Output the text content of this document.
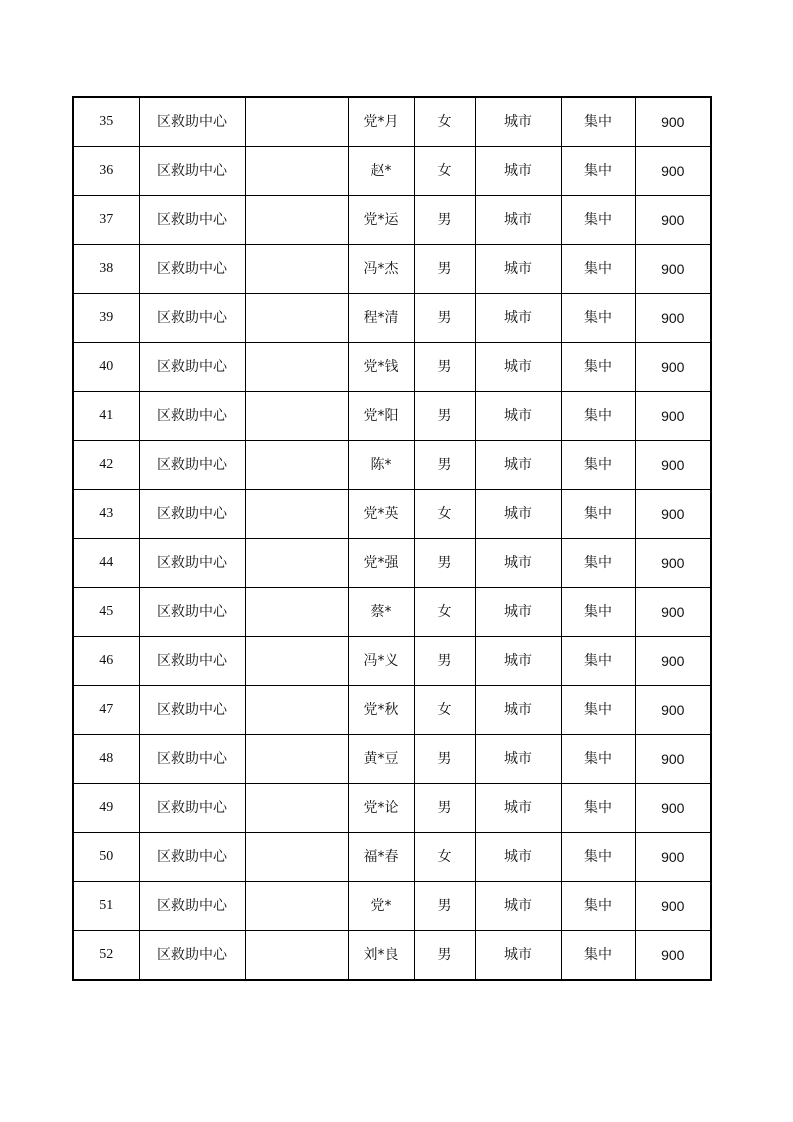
35	区救助中心		党*月	女	城市	集中	900
36	区救助中心		赵*	女	城市	集中	900
37	区救助中心		党*运	男	城市	集中	900
38	区救助中心		冯*杰	男	城市	集中	900
39	区救助中心		程*清	男	城市	集中	900
40	区救助中心		党*钱	男	城市	集中	900
41	区救助中心		党*阳	男	城市	集中	900
42	区救助中心		陈*	男	城市	集中	900
43	区救助中心		党*英	女	城市	集中	900
44	区救助中心		党*强	男	城市	集中	900
45	区救助中心		蔡*	女	城市	集中	900
46	区救助中心		冯*义	男	城市	集中	900
47	区救助中心		党*秋	女	城市	集中	900
48	区救助中心		黄*豆	男	城市	集中	900
49	区救助中心		党*论	男	城市	集中	900
50	区救助中心		福*春	女	城市	集中	900
51	区救助中心		党*	男	城市	集中	900
52	区救助中心		刘*良	男	城市	集中	900
